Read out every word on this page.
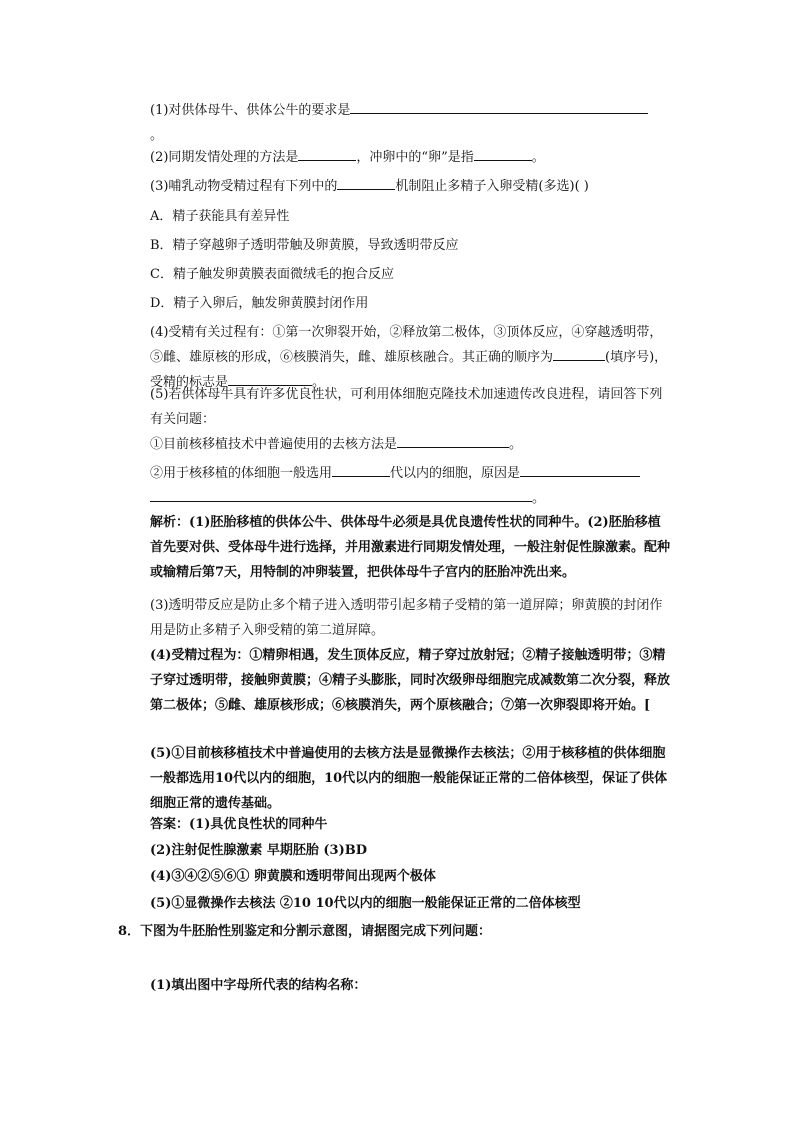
(1)对供体母牛、供体公牛的要求是
。

(2)同期发情处理的方法是	，冲卵中的“卵”是指	。

(3)哺乳动物受精过程有下列中的	机制阻止多精子入卵受精(多选)( )

A．精子获能具有差异性

B．精子穿越卵子透明带触及卵黄膜，导致透明带反应

C．精子触发卵黄膜表面微绒毛的抱合反应

D．精子入卵后，触发卵黄膜封闭作用

(4)受精有关过程有：①第一次卵裂开始，②释放第二极体，③顶体反应，④穿越透明带，⑤雌、雄原核的形成，⑥核膜消失，雌、雄原核融合。其正确的顺序为	(填序号)，受精的标志是	。

(5)若供体母牛具有许多优良性状，可利用体细胞克隆技术加速遗传改良进程，请回答下列有关问题：

①目前核移植技术中普遍使用的去核方法是	。

②用于核移植的体细胞一般选用	代以内的细胞，原因是
。

解析：(1)胚胎移植的供体公牛、供体母牛必须是具优良遗传性状的同种牛。(2)胚胎移植首先要对供、受体母牛进行选择，并用激素进行同期发情处理，一般注射促性腺激素。配种或输精后第7天，用特制的冲卵装置，把供体母牛子宫内的胚胎冲洗出来。

(3)透明带反应是防止多个精子进入透明带引起多精子受精的第一道屏障；卵黄膜的封闭作用是防止多精子入卵受精的第二道屏障。

(4)受精过程为：①精卵相遇，发生顶体反应，精子穿过放射冠；②精子接触透明带；③精子穿过透明带，接触卵黄膜；④精子头膨胀，同时次级卵母细胞完成减数第二次分裂，释放第二极体；⑤雌、雄原核形成；⑥核膜消失，两个原核融合；⑦第一次卵裂即将开始。[

(5)①目前核移植技术中普遍使用的去核方法是显微操作去核法；②用于核移植的供体细胞一般都选用10代以内的细胞，10代以内的细胞一般能保证正常的二倍体核型，保证了供体细胞正常的遗传基础。

答案：(1)具优良性状的同种牛

(2)注射促性腺激素 早期胚胎 (3)BD

(4)③④②⑤⑥① 卵黄膜和透明带间出现两个极体

(5)①显微操作去核法 ②10 10代以内的细胞一般能保证正常的二倍体核型

8．下图为牛胚胎性别鉴定和分割示意图，请据图完成下列问题：

(1)填出图中字母所代表的结构名称：
